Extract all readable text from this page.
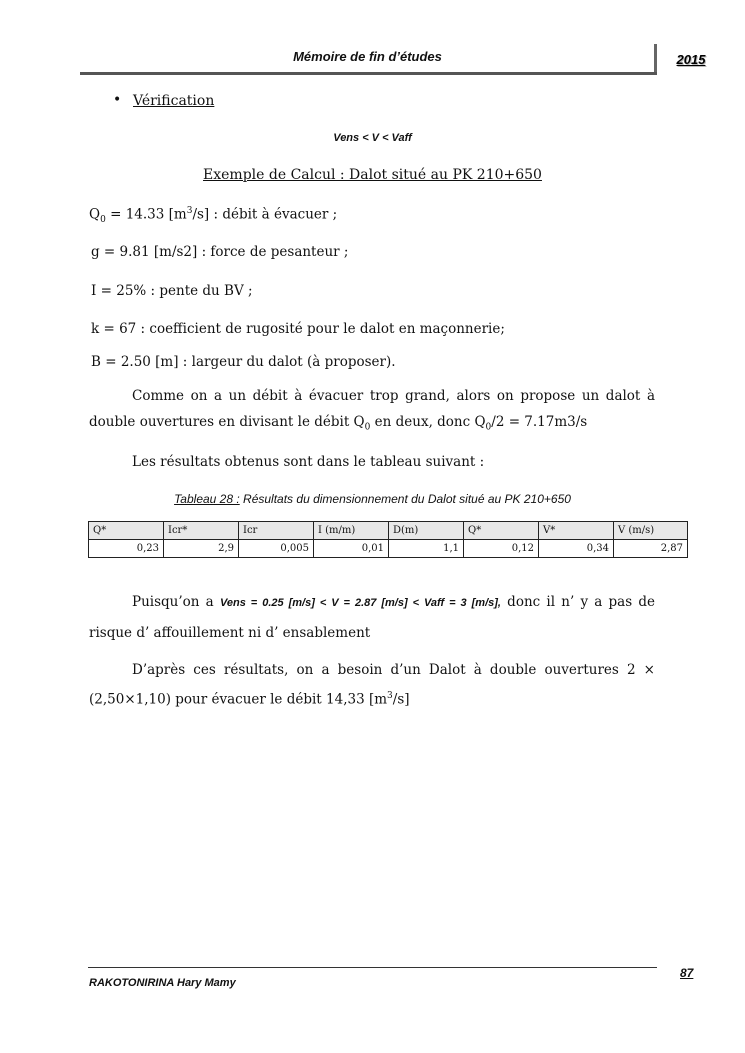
Mémoire de fin d’études	2015
• Vérification
Vens < V < Vaff
Exemple de Calcul : Dalot situé au PK 210+650
$Q_0 = 14.33$ $[m^3/s]$ : débit à évacuer ;
g = 9.81 [m/s2] : force de pesanteur ;
I = 25% : pente du BV ;
k = 67 : coefficient de rugosité pour le dalot en maçonnerie;
B = 2.50 [m] : largeur du dalot (à proposer).
Comme on a un débit à évacuer trop grand, alors on propose un dalot à double ouvertures en divisant le débit $Q_0$ en deux, donc $Q_0/2 = 7.17m3/s$
Les résultats obtenus sont dans le tableau suivant :
Tableau 28 : Résultats du dimensionnement du Dalot situé au PK 210+650
Q*	Icr*	Icr	I (m/m)	D(m)	Q*	V*	V (m/s)
0,23	2,9	0,005	0,01	1,1	0,12	0,34	2,87
Puisqu’on a Vens = 0.25 [m/s] < V = 2.87 [m/s] < Vaff = 3 [m/s], donc il n’ y a pas de risque d’ affouillement ni d’ ensablement
D’après ces résultats, on a besoin d’un Dalot à double ouvertures 2 × (2,50×1,10) pour évacuer le débit 14,33 $[m^3/s]$
87
RAKOTONIRINA Hary Mamy
